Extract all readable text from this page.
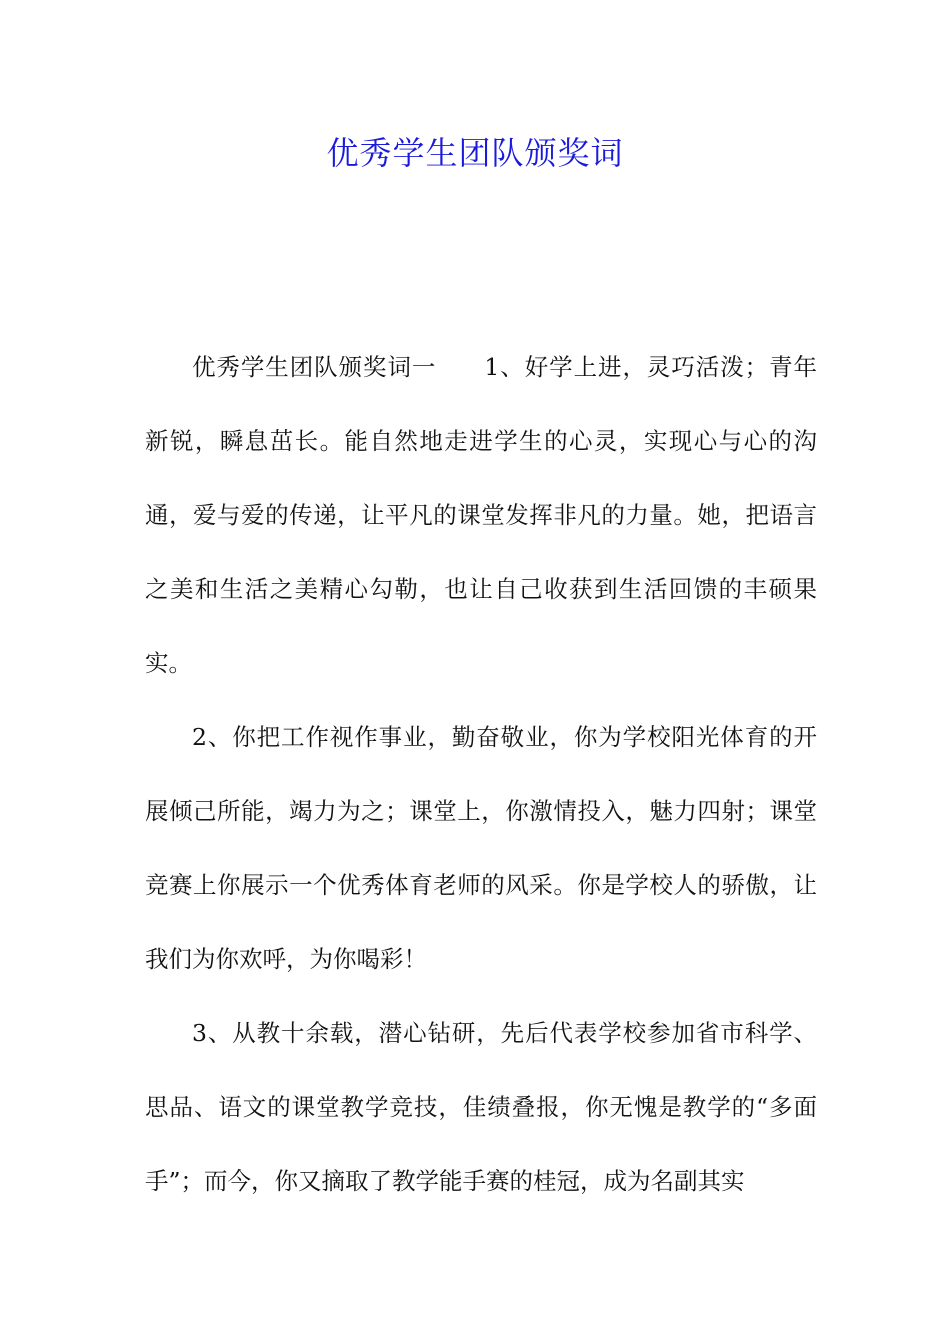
优秀学生团队颁奖词

优秀学生团队颁奖词一 1、好学上进，灵巧活泼；青年新锐，瞬息茁长。能自然地走进学生的心灵，实现心与心的沟通，爱与爱的传递，让平凡的课堂发挥非凡的力量。她，把语言之美和生活之美精心勾勒，也让自己收获到生活回馈的丰硕果实。

2、你把工作视作事业，勤奋敬业，你为学校阳光体育的开展倾己所能，竭力为之；课堂上，你激情投入，魅力四射；课堂竞赛上你展示一个优秀体育老师的风采。你是学校人的骄傲，让我们为你欢呼，为你喝彩！

3、从教十余载，潜心钻研，先后代表学校参加省市科学、思品、语文的课堂教学竞技，佳绩叠报，你无愧是教学的“多面手”；而今，你又摘取了教学能手赛的桂冠，成为名副其实
